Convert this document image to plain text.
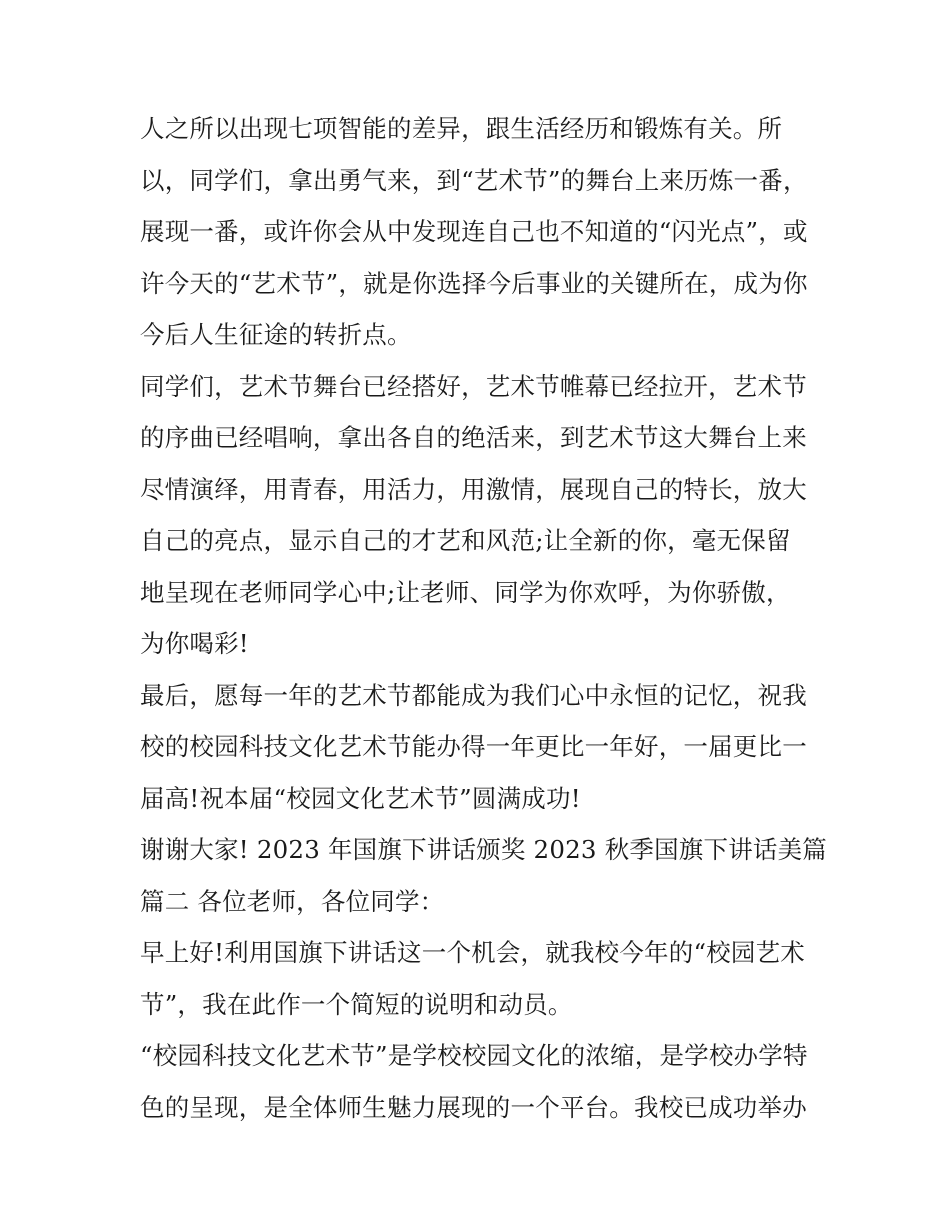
人之所以出现七项智能的差异，跟生活经历和锻炼有关。所
以，同学们，拿出勇气来，到“艺术节”的舞台上来历炼一番，
展现一番，或许你会从中发现连自己也不知道的“闪光点”，或
许今天的“艺术节”，就是你选择今后事业的关键所在，成为你
今后人生征途的转折点。
同学们，艺术节舞台已经搭好，艺术节帷幕已经拉开，艺术节
的序曲已经唱响，拿出各自的绝活来，到艺术节这大舞台上来
尽情演绎，用青春，用活力，用激情，展现自己的特长，放大
自己的亮点，显示自己的才艺和风范;让全新的你，毫无保留
地呈现在老师同学心中;让老师、同学为你欢呼，为你骄傲，
为你喝彩!
最后，愿每一年的艺术节都能成为我们心中永恒的记忆，祝我
校的校园科技文化艺术节能办得一年更比一年好，一届更比一
届高!祝本届“校园文化艺术节”圆满成功!
谢谢大家! 2023 年国旗下讲话颁奖 2023 秋季国旗下讲话美篇
篇二 各位老师，各位同学：
早上好!利用国旗下讲话这一个机会，就我校今年的“校园艺术
节”，我在此作一个简短的说明和动员。
“校园科技文化艺术节”是学校校园文化的浓缩，是学校办学特
色的呈现，是全体师生魅力展现的一个平台。我校已成功举办
